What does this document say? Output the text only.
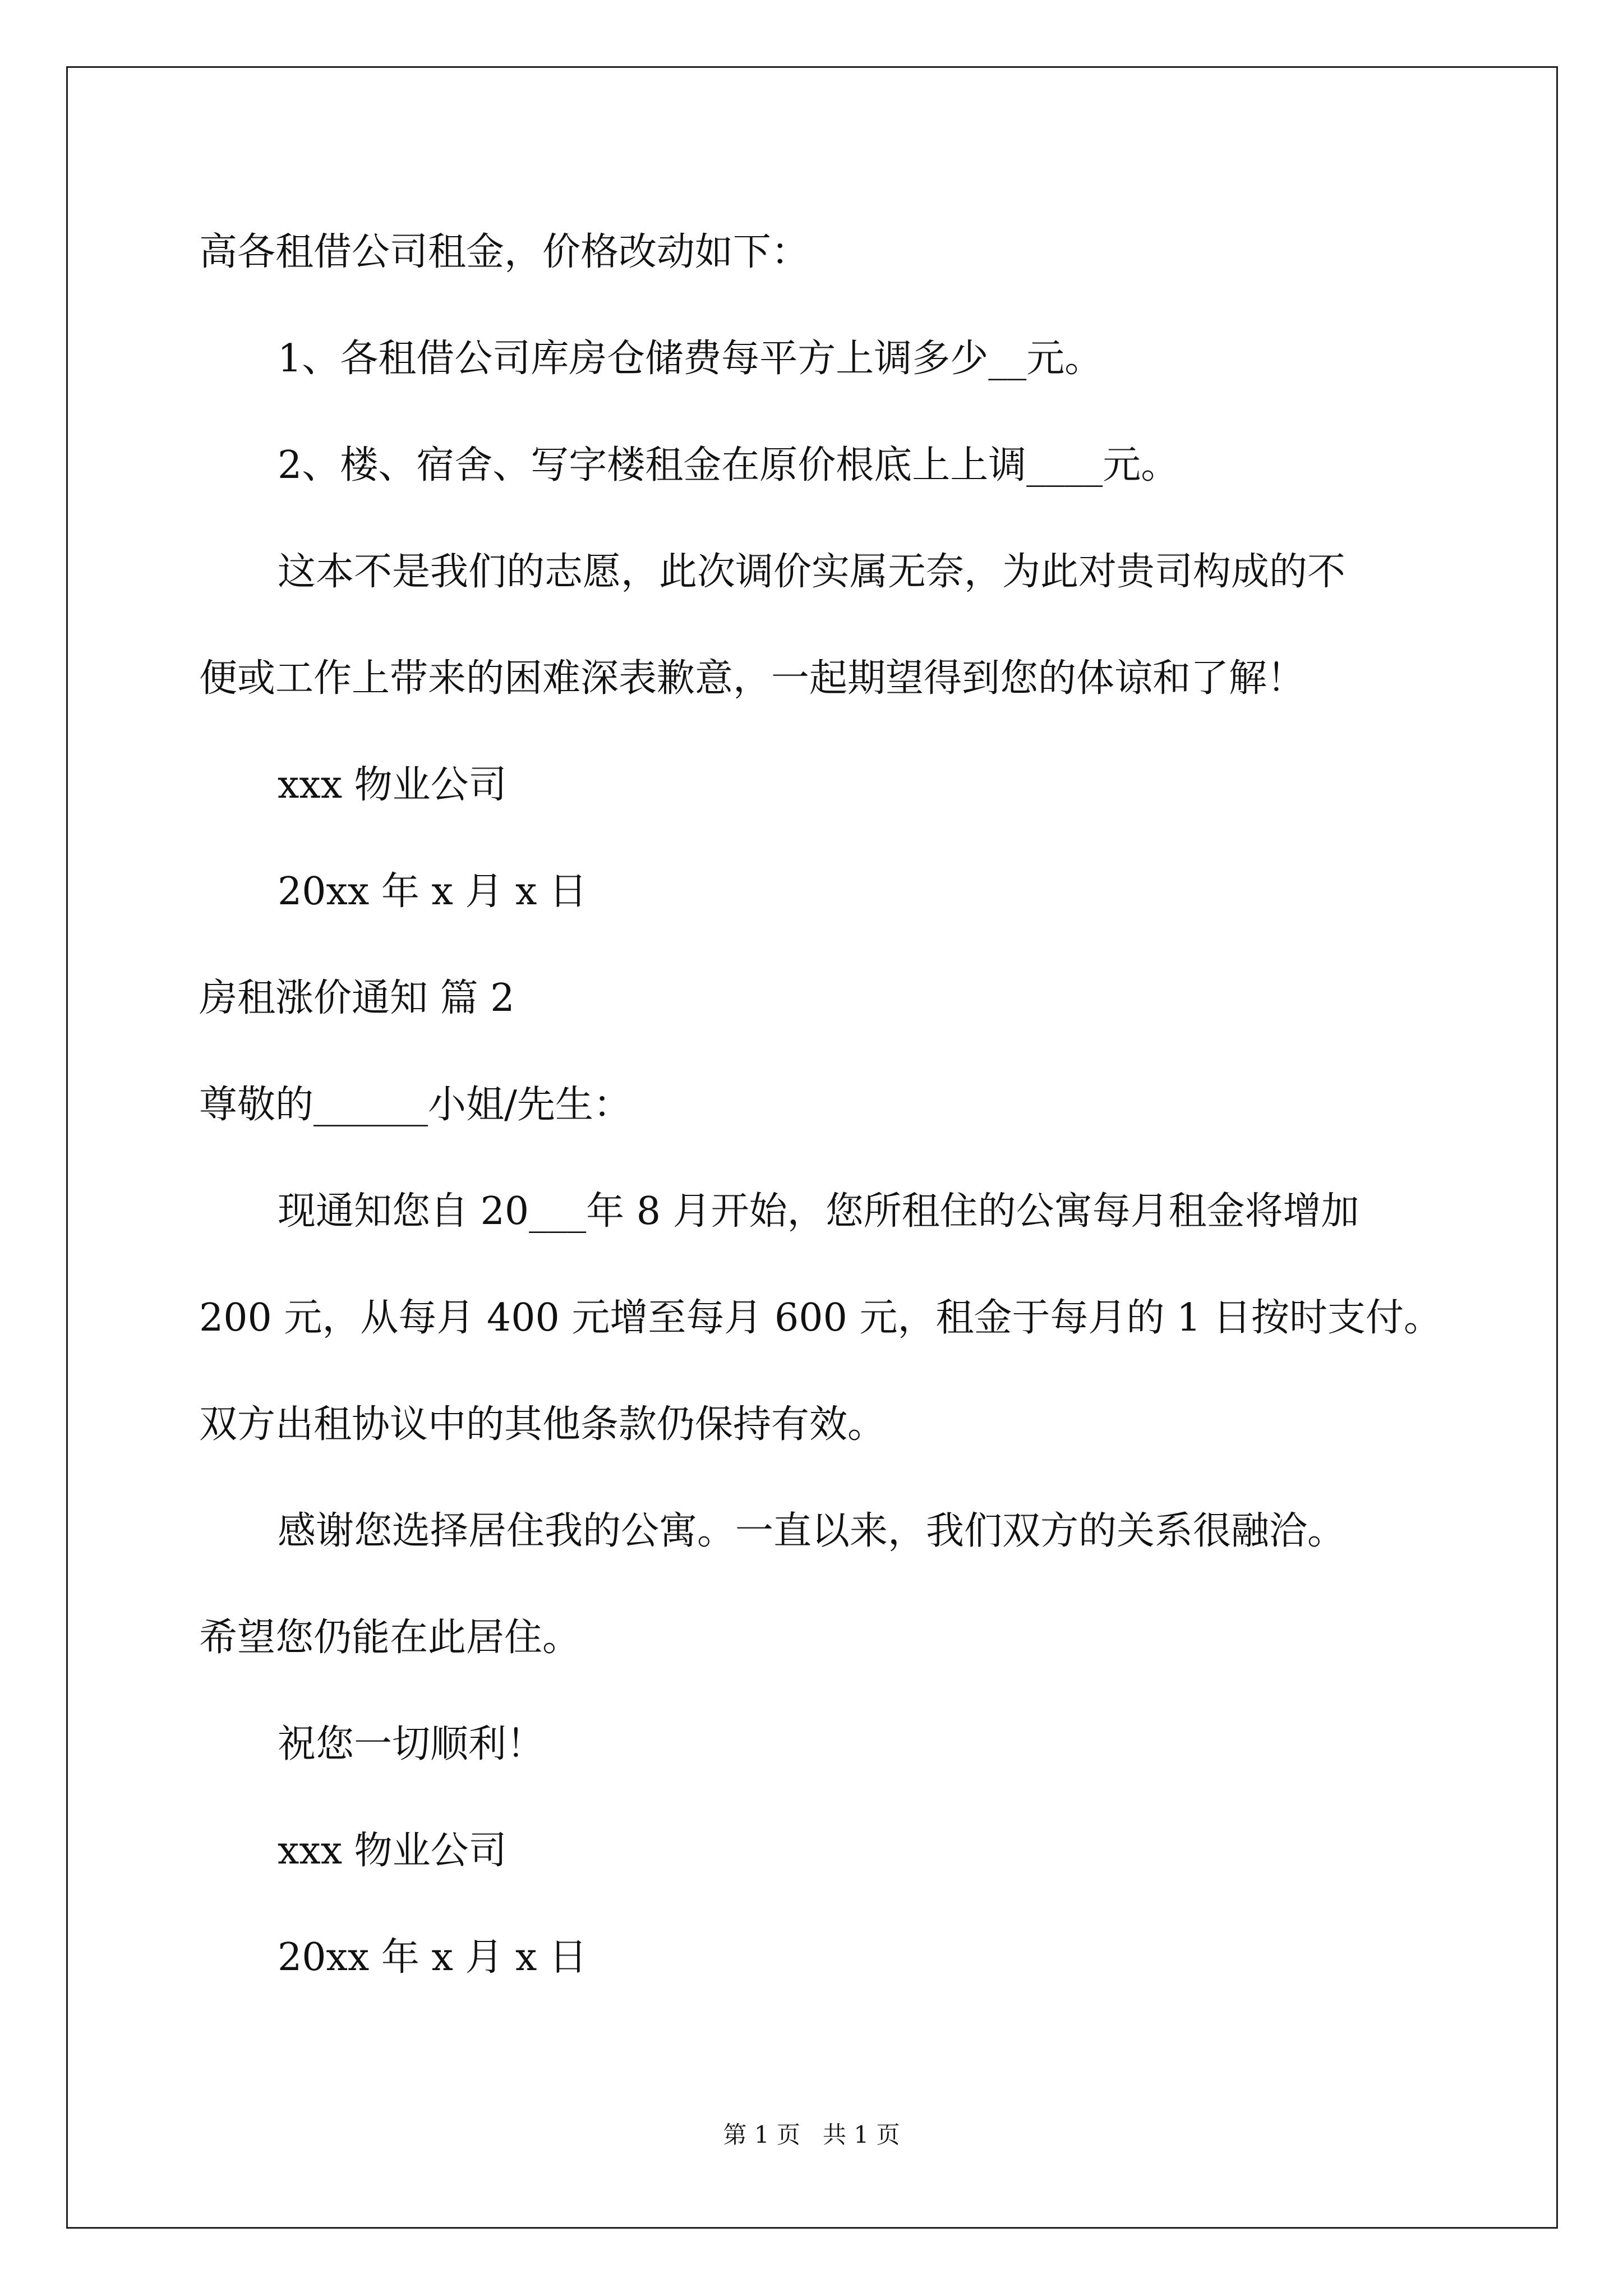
高各租借公司租金，价格改动如下：
1、各租借公司库房仓储费每平方上调多少__元。
2、楼、宿舍、写字楼租金在原价根底上上调____元。
这本不是我们的志愿，此次调价实属无奈，为此对贵司构成的不
便或工作上带来的困难深表歉意，一起期望得到您的体谅和了解！
xxx 物业公司
20xx 年 x 月 x 日
房租涨价通知 篇 2
尊敬的______小姐/先生：
现通知您自 20___年 8 月开始，您所租住的公寓每月租金将增加
200 元，从每月 400 元增至每月 600 元，租金于每月的 1 日按时支付。
双方出租协议中的其他条款仍保持有效。
感谢您选择居住我的公寓。一直以来，我们双方的关系很融洽。
希望您仍能在此居住。
祝您一切顺利！
xxx 物业公司
20xx 年 x 月 x 日
第 1 页   共 1 页
